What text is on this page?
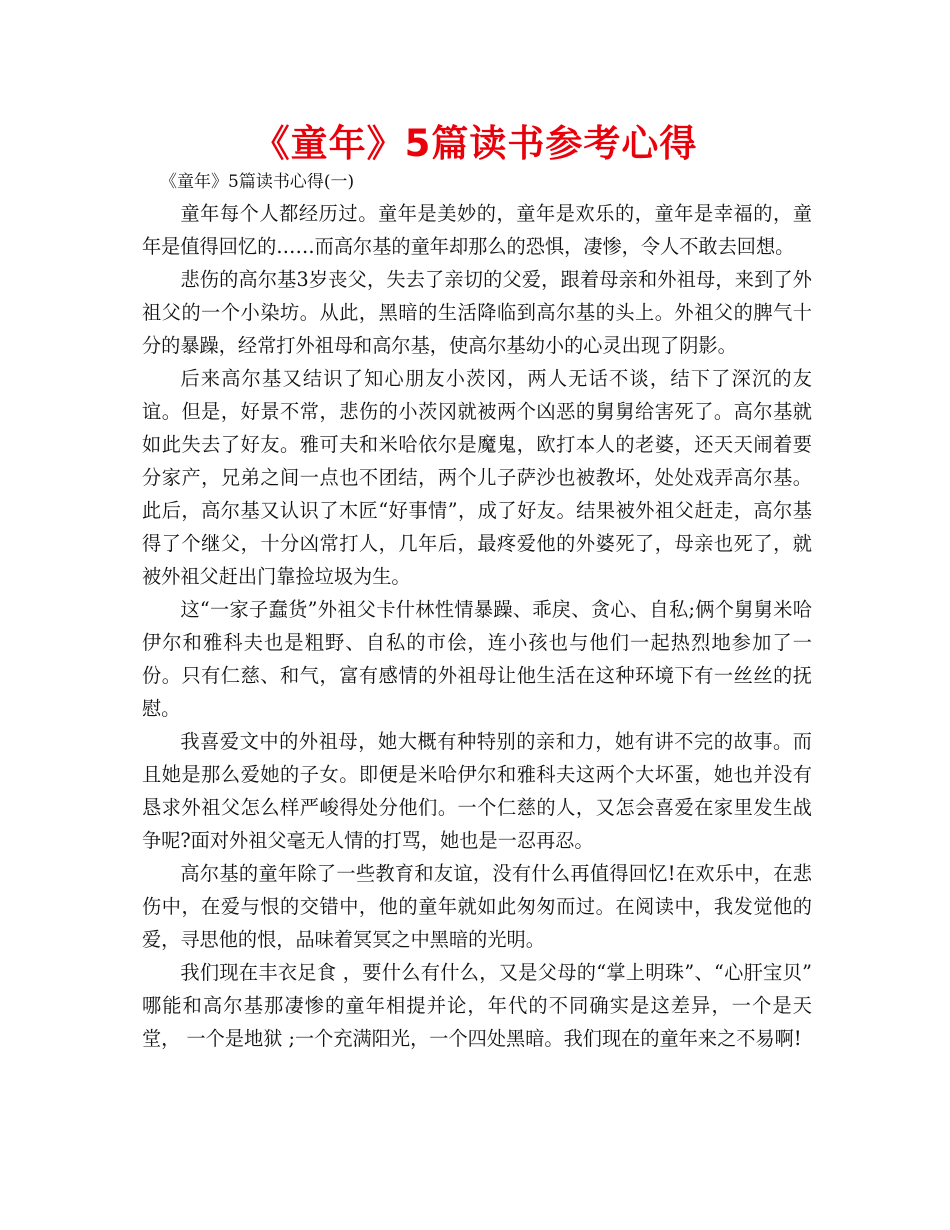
《童年》5篇读书参考心得
《童年》5篇读书心得(一)

童年每个人都经历过。童年是美妙的，童年是欢乐的，童年是幸福的，童年是值得回忆的……而高尔基的童年却那么的恐惧，凄惨，令人不敢去回想。

悲伤的高尔基3岁丧父，失去了亲切的父爱，跟着母亲和外祖母，来到了外祖父的一个小染坊。从此，黑暗的生活降临到高尔基的头上。外祖父的脾气十分的暴躁，经常打外祖母和高尔基，使高尔基幼小的心灵出现了阴影。

后来高尔基又结识了知心朋友小茨冈，两人无话不谈，结下了深沉的友谊。但是，好景不常，悲伤的小茨冈就被两个凶恶的舅舅给害死了。高尔基就如此失去了好友。雅可夫和米哈依尔是魔鬼，欧打本人的老婆，还天天闹着要分家产，兄弟之间一点也不团结，两个儿子萨沙也被教坏，处处戏弄高尔基。此后，高尔基又认识了木匠“好事情”，成了好友。结果被外祖父赶走，高尔基得了个继父，十分凶常打人，几年后，最疼爱他的外婆死了，母亲也死了，就被外祖父赶出门靠捡垃圾为生。

这“一家子蠢货”外祖父卡什林性情暴躁、乖戾、贪心、自私;俩个舅舅米哈伊尔和雅科夫也是粗野、自私的市侩，连小孩也与他们一起热烈地参加了一份。只有仁慈、和气，富有感情的外祖母让他生活在这种环境下有一丝丝的抚慰。

我喜爱文中的外祖母，她大概有种特别的亲和力，她有讲不完的故事。而且她是那么爱她的子女。即便是米哈伊尔和雅科夫这两个大坏蛋，她也并没有恳求外祖父怎么样严峻得处分他们。一个仁慈的人，又怎会喜爱在家里发生战争呢?面对外祖父毫无人情的打骂，她也是一忍再忍。

高尔基的童年除了一些教育和友谊，没有什么再值得回忆!在欢乐中，在悲伤中，在爱与恨的交错中，他的童年就如此匆匆而过。在阅读中，我发觉他的爱，寻思他的恨，品味着冥冥之中黑暗的光明。

我们现在丰衣足食 ，要什么有什么，又是父母的“掌上明珠”、“心肝宝贝” 哪能和高尔基那凄惨的童年相提并论，年代的不同确实是这差异，一个是天堂， 一个是地狱 ;一个充满阳光，一个四处黑暗。我们现在的童年来之不易啊!
